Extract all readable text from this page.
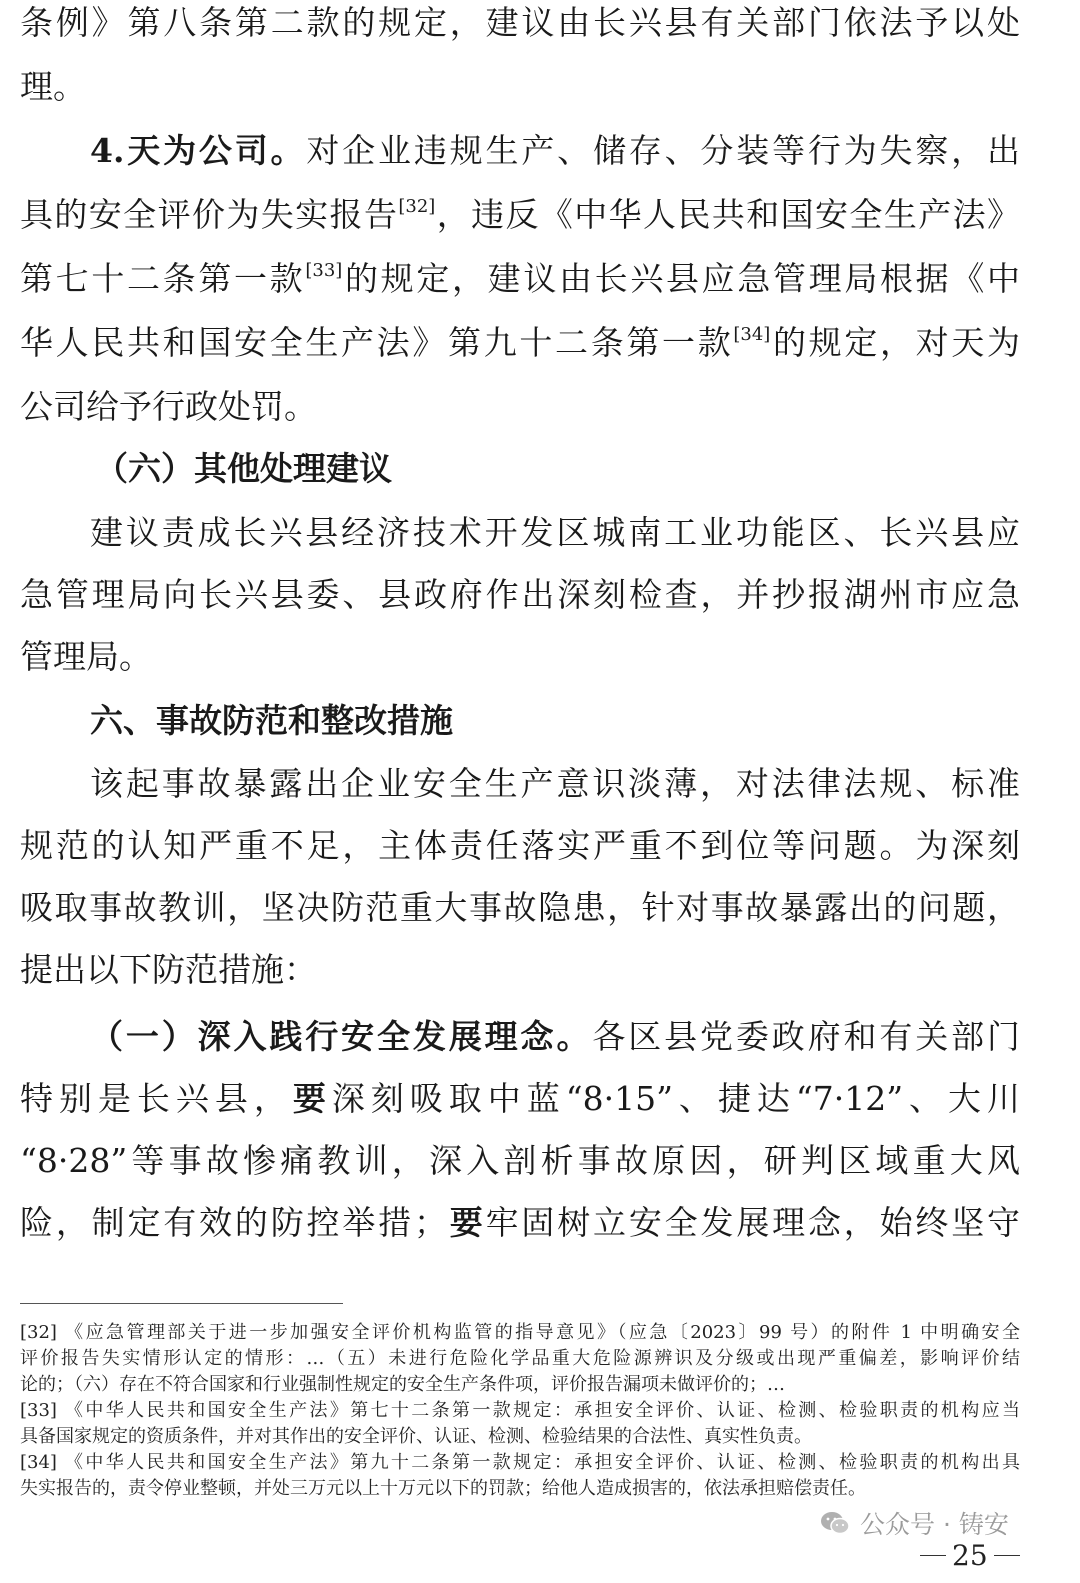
条例》第八条第二款的规定，建议由长兴县有关部门依法予以处
理。
4.天为公司。对企业违规生产、储存、分装等行为失察，出
具的安全评价为失实报告[32]，违反《中华人民共和国安全生产法》
第七十二条第一款[33]的规定，建议由长兴县应急管理局根据《中
华人民共和国安全生产法》第九十二条第一款[34]的规定，对天为
公司给予行政处罚。
（六）其他处理建议
建议责成长兴县经济技术开发区城南工业功能区、长兴县应
急管理局向长兴县委、县政府作出深刻检查，并抄报湖州市应急
管理局。
六、事故防范和整改措施
该起事故暴露出企业安全生产意识淡薄，对法律法规、标准
规范的认知严重不足，主体责任落实严重不到位等问题。为深刻
吸取事故教训，坚决防范重大事故隐患，针对事故暴露出的问题，
提出以下防范措施：
（一）深入践行安全发展理念。各区县党委政府和有关部门
特别是长兴县，要深刻吸取中蓝“8·15”、捷达“7·12”、大川
“8·28”等事故惨痛教训，深入剖析事故原因，研判区域重大风
险，制定有效的防控举措；要牢固树立安全发展理念，始终坚守
[32] 《应急管理部关于进一步加强安全评价机构监管的指导意见》（应急〔2023〕99 号）的附件 1 中明确安全
评价报告失实情形认定的情形：…（五）未进行危险化学品重大危险源辨识及分级或出现严重偏差，影响评价结
论的；（六）存在不符合国家和行业强制性规定的安全生产条件项，评价报告漏项未做评价的；…
[33] 《中华人民共和国安全生产法》第七十二条第一款规定：承担安全评价、认证、检测、检验职责的机构应当
具备国家规定的资质条件，并对其作出的安全评价、认证、检测、检验结果的合法性、真实性负责。
[34] 《中华人民共和国安全生产法》第九十二条第一款规定：承担安全评价、认证、检测、检验职责的机构出具
失实报告的，责令停业整顿，并处三万元以上十万元以下的罚款；给他人造成损害的，依法承担赔偿责任。
公众号 · 铸安
25
